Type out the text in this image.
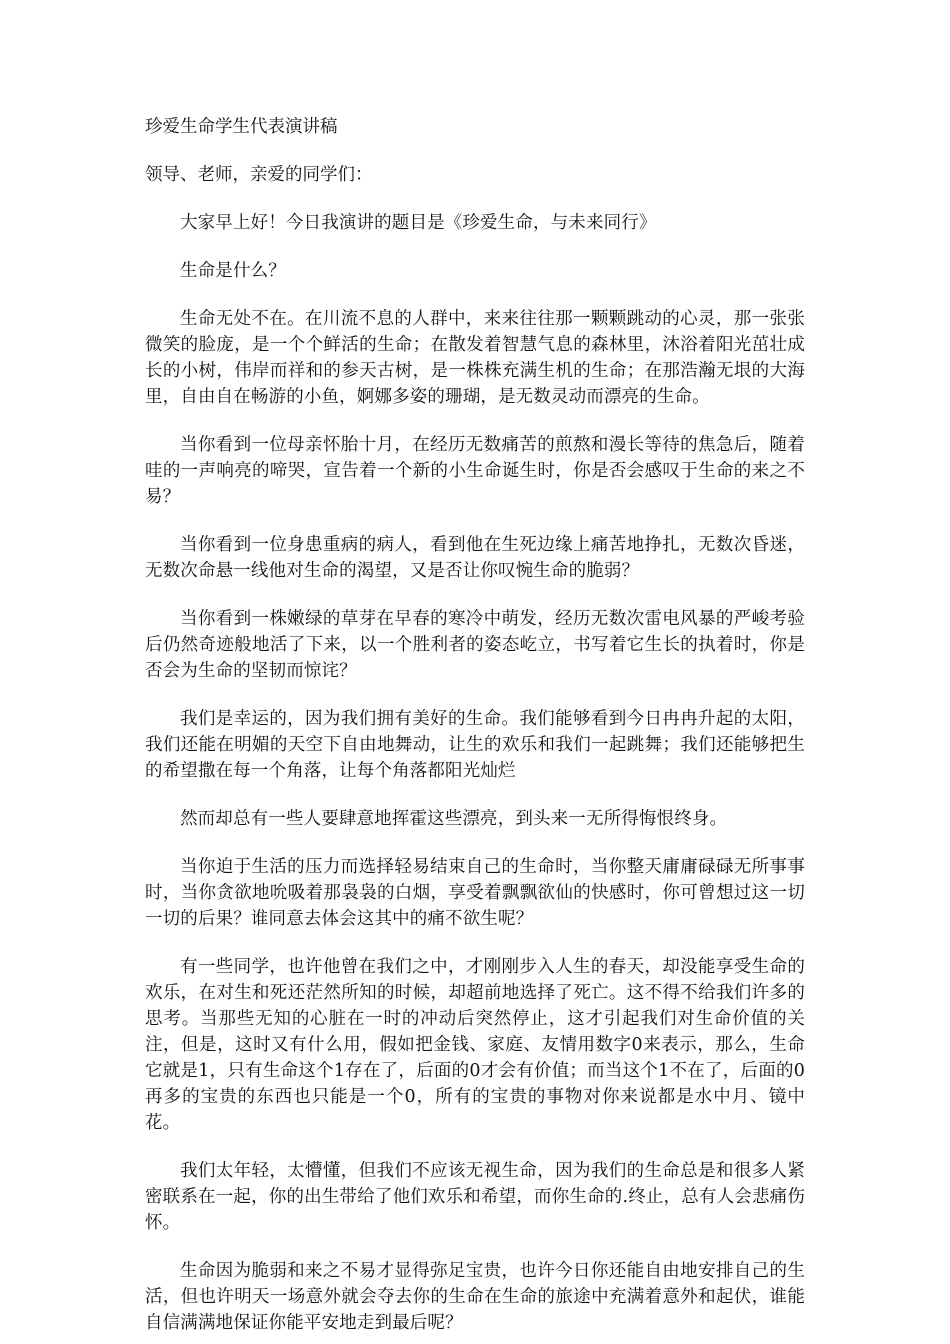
珍爱生命学生代表演讲稿

领导、老师，亲爱的同学们：

大家早上好！今日我演讲的题目是《珍爱生命，与未来同行》

生命是什么？

生命无处不在。在川流不息的人群中，来来往往那一颗颗跳动的心灵，那一张张微笑的脸庞，是一个个鲜活的生命；在散发着智慧气息的森林里，沐浴着阳光茁壮成长的小树，伟岸而祥和的参天古树，是一株株充满生机的生命；在那浩瀚无垠的大海里，自由自在畅游的小鱼，婀娜多姿的珊瑚，是无数灵动而漂亮的生命。

当你看到一位母亲怀胎十月，在经历无数痛苦的煎熬和漫长等待的焦急后，随着哇的一声响亮的啼哭，宣告着一个新的小生命诞生时，你是否会感叹于生命的来之不易？

当你看到一位身患重病的病人，看到他在生死边缘上痛苦地挣扎，无数次昏迷，无数次命悬一线他对生命的渴望，又是否让你叹惋生命的脆弱？

当你看到一株嫩绿的草芽在早春的寒冷中萌发，经历无数次雷电风暴的严峻考验后仍然奇迹般地活了下来，以一个胜利者的姿态屹立，书写着它生长的执着时，你是否会为生命的坚韧而惊诧？

我们是幸运的，因为我们拥有美好的生命。我们能够看到今日冉冉升起的太阳，我们还能在明媚的天空下自由地舞动，让生的欢乐和我们一起跳舞；我们还能够把生的希望撒在每一个角落，让每个角落都阳光灿烂

然而却总有一些人要肆意地挥霍这些漂亮，到头来一无所得悔恨终身。

当你迫于生活的压力而选择轻易结束自己的生命时，当你整天庸庸碌碌无所事事时，当你贪欲地吮吸着那袅袅的白烟，享受着飘飘欲仙的快感时，你可曾想过这一切一切的后果？谁同意去体会这其中的痛不欲生呢？

有一些同学，也许他曾在我们之中，才刚刚步入人生的春天，却没能享受生命的欢乐，在对生和死还茫然所知的时候，却超前地选择了死亡。这不得不给我们许多的思考。当那些无知的心脏在一时的冲动后突然停止，这才引起我们对生命价值的关注，但是，这时又有什么用，假如把金钱、家庭、友情用数字0来表示，那么，生命它就是1，只有生命这个1存在了，后面的0才会有价值；而当这个1不在了，后面的0再多的宝贵的东西也只能是一个0，所有的宝贵的事物对你来说都是水中月、镜中花。

我们太年轻，太懵懂，但我们不应该无视生命，因为我们的生命总是和很多人紧密联系在一起，你的出生带给了他们欢乐和希望，而你生命的.终止，总有人会悲痛伤怀。

生命因为脆弱和来之不易才显得弥足宝贵，也许今日你还能自由地安排自己的生活，但也许明天一场意外就会夺去你的生命在生命的旅途中充满着意外和起伏，谁能自信满满地保证你能平安地走到最后呢？
